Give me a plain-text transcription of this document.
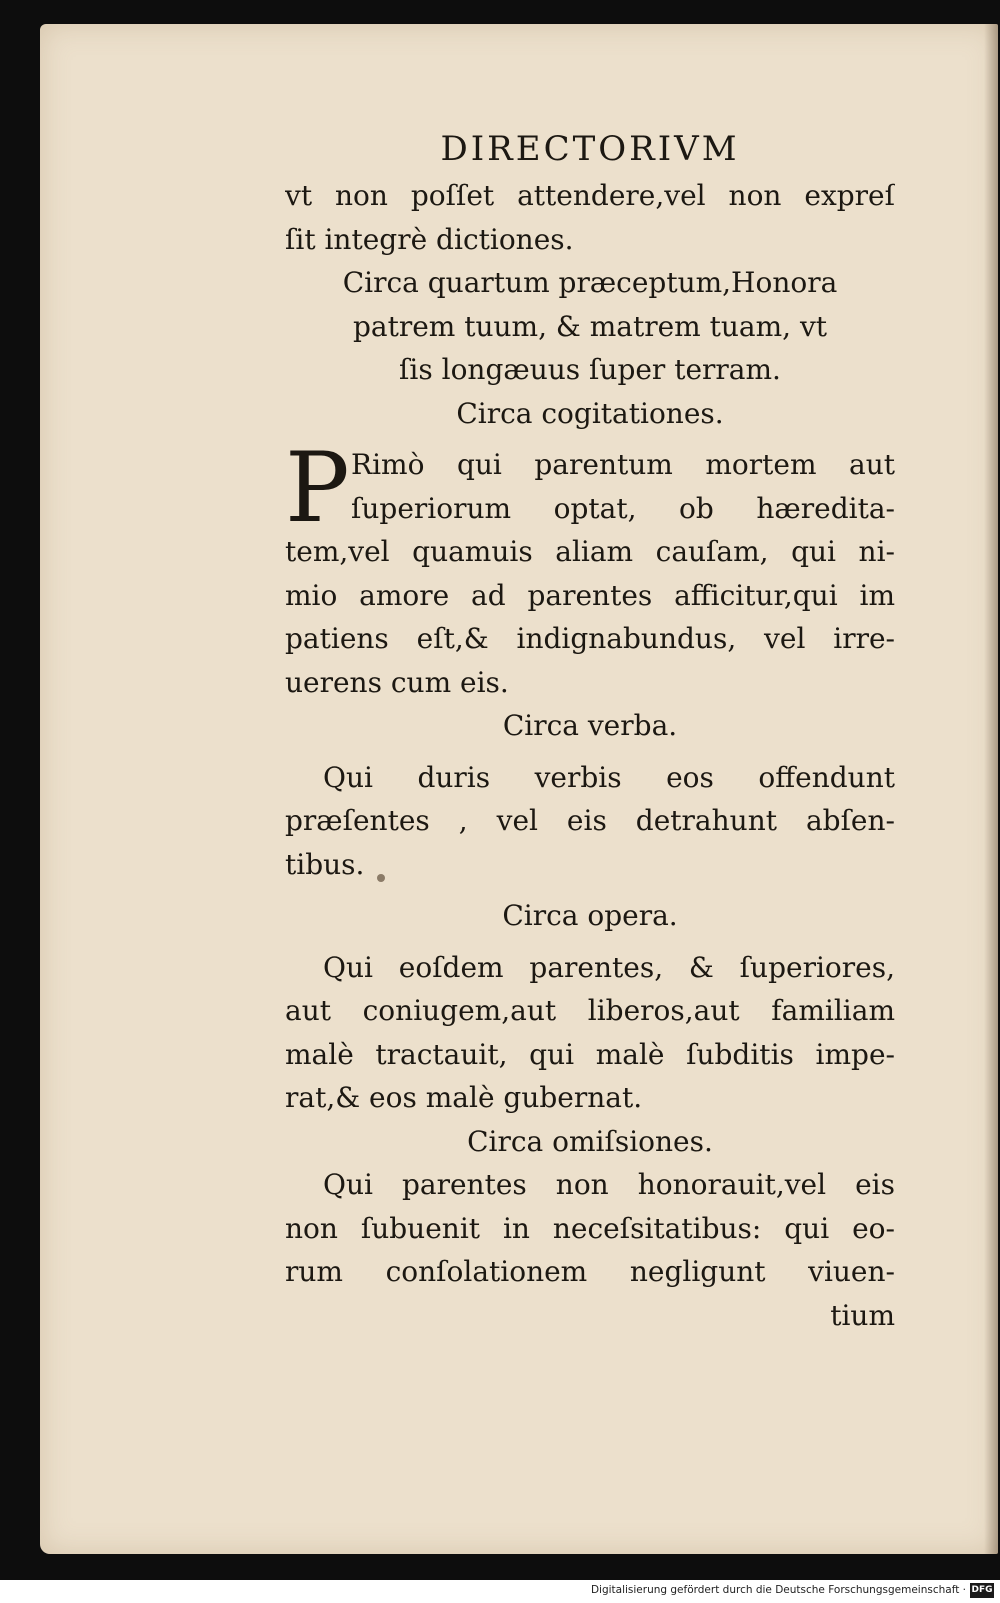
DIRECTORIVM
vt non poſſet attendere,vel non expreſ
ſit integrè dictiones.
Circa quartum præceptum,Honora
patrem tuum, & matrem tuam, vt
ſis longæuus ſuper terram.
Circa cogitationes.
P Rimò qui parentum mortem aut
ſuperiorum optat, ob hæredita-
tem,vel quamuis aliam cauſam, qui ni-
mio amore ad parentes afficitur,qui im
patiens eſt,& indignabundus, vel irre-
uerens cum eis.
Circa verba.
Qui duris verbis eos offendunt
præſentes , vel eis detrahunt abſen-
tibus.
Circa opera.
Qui eoſdem parentes, & ſuperiores,
aut coniugem,aut liberos,aut familiam
malè tractauit, qui malè ſubditis impe-
rat,& eos malè gubernat.
Circa omiſsiones.
Qui parentes non honorauit,vel eis
non ſubuenit in neceſsitatibus: qui eo-
rum conſolationem negligunt viuen-
tium
Digitalisierung gefördert durch die Deutsche Forschungsgemeinschaft · DFG
